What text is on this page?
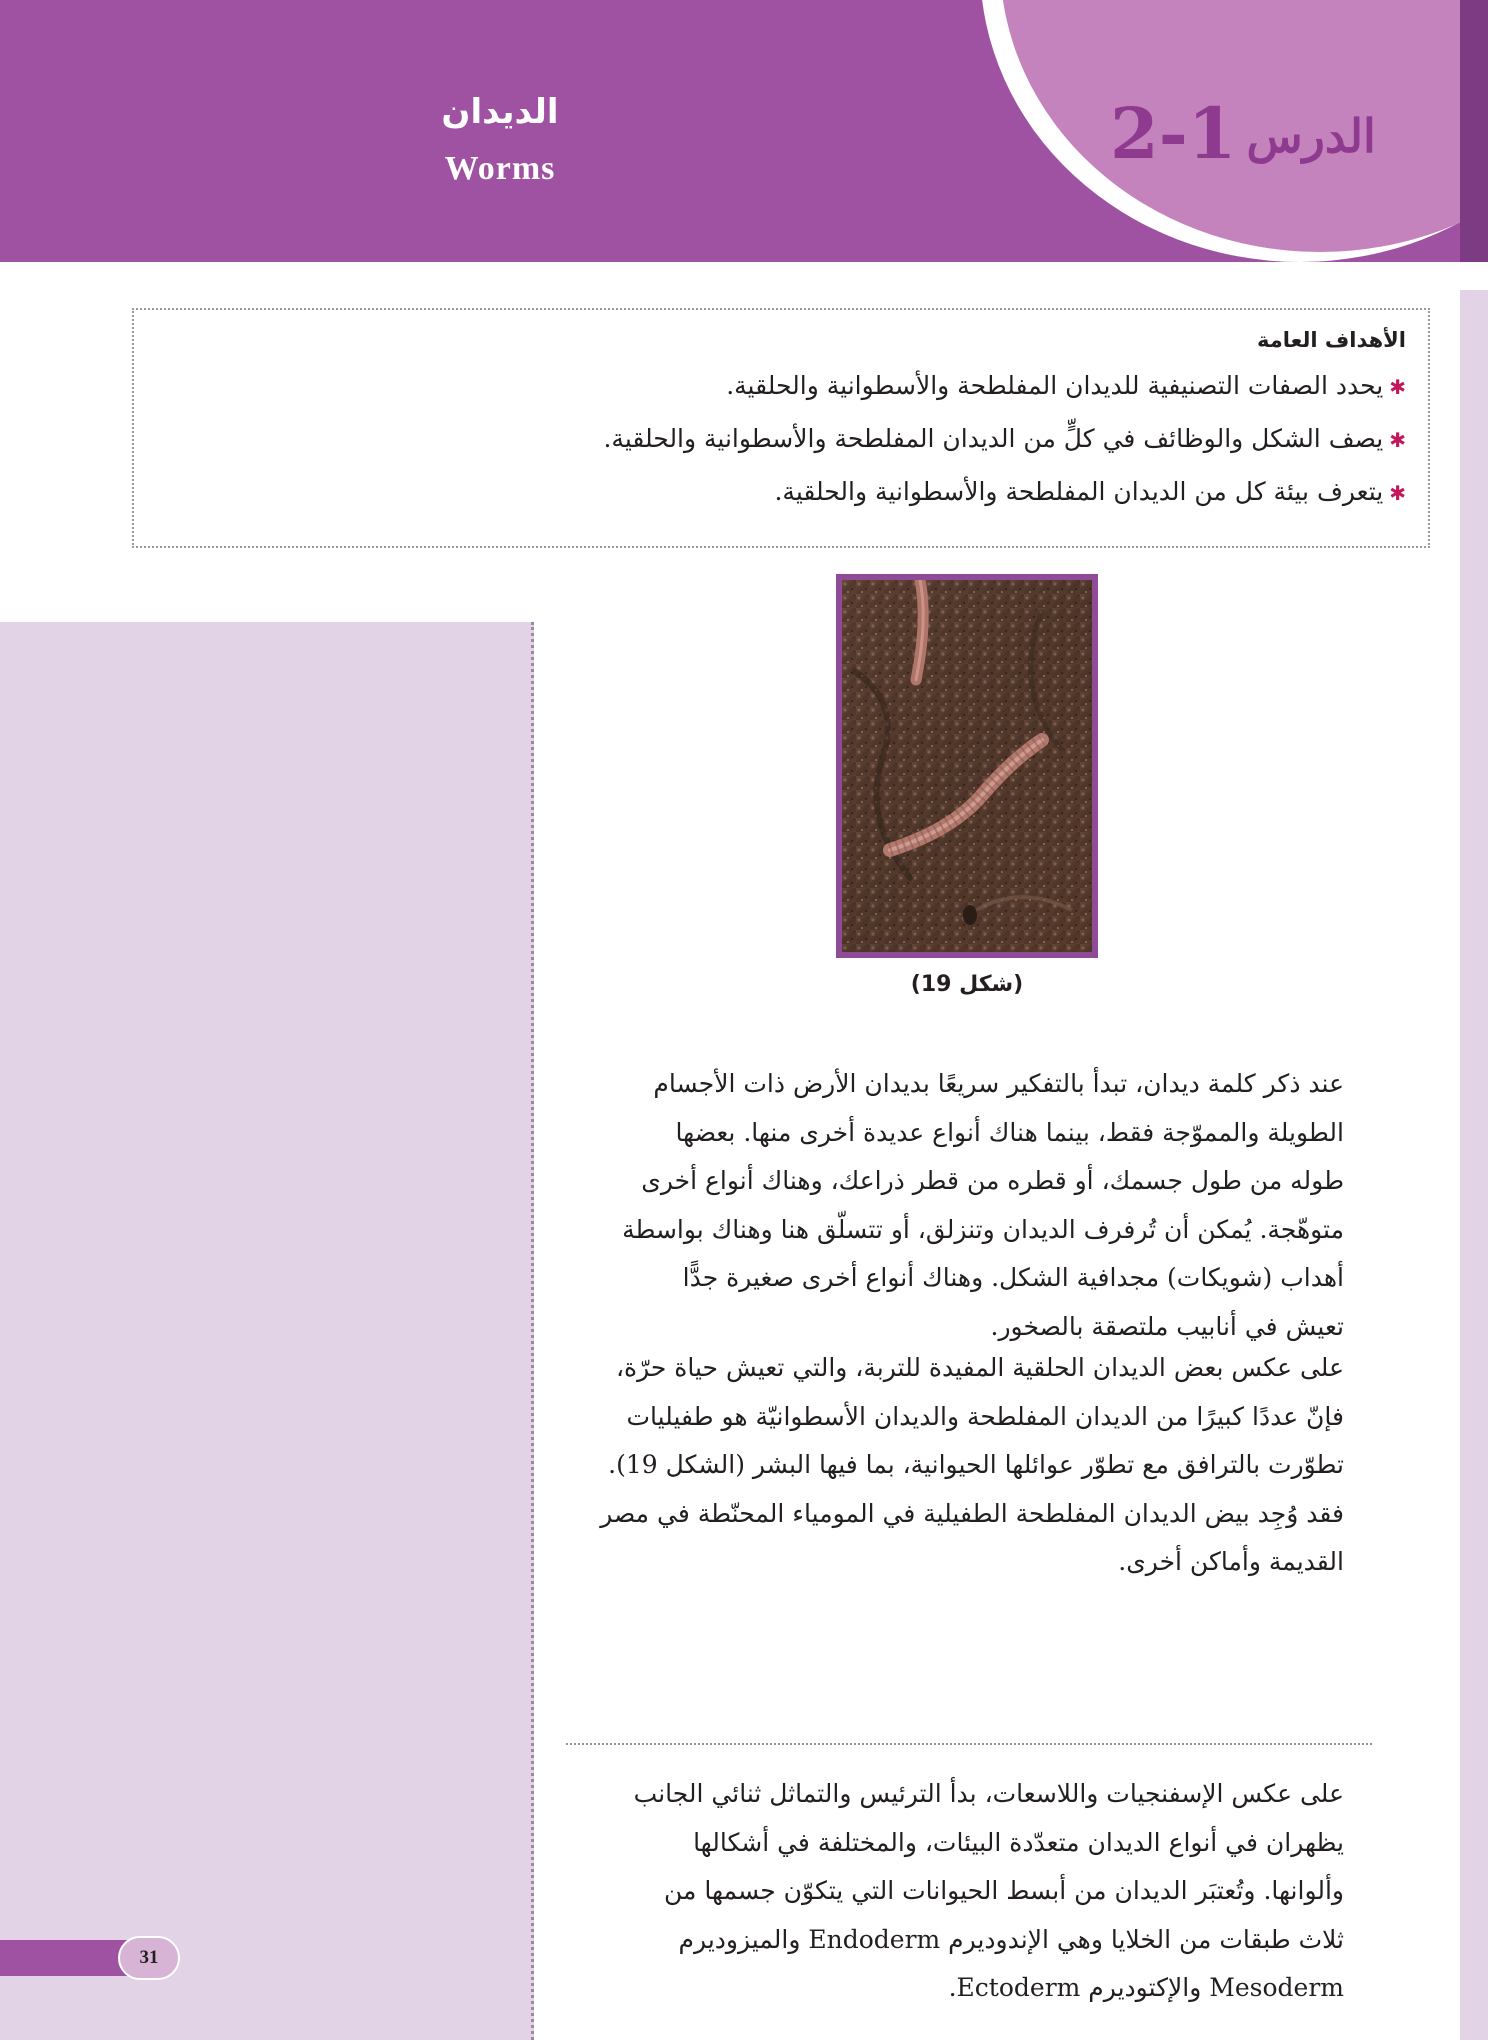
الدرس2-1
الديدان
Worms
الأهداف العامة
✱يحدد الصفات التصنيفية للديدان المفلطحة والأسطوانية والحلقية.
✱يصف الشكل والوظائف في كلٍّ من الديدان المفلطحة والأسطوانية والحلقية.
✱يتعرف بيئة كل من الديدان المفلطحة والأسطوانية والحلقية.
31
(شكل 19)
عند ذكر كلمة ديدان، تبدأ بالتفكير سريعًا بديدان الأرض ذات الأجسام
الطويلة والمموّجة فقط، بينما هناك أنواع عديدة أخرى منها. بعضها
طوله من طول جسمك، أو قطره من قطر ذراعك، وهناك أنواع أخرى
متوهّجة. يُمكن أن تُرفرف الديدان وتنزلق، أو تتسلّق هنا وهناك بواسطة
أهداب (شويكات) مجدافية الشكل. وهناك أنواع أخرى صغيرة جدًّا
تعيش في أنابيب ملتصقة بالصخور.
على عكس بعض الديدان الحلقية المفيدة للتربة، والتي تعيش حياة حرّة،
فإنّ عددًا كبيرًا من الديدان المفلطحة والديدان الأسطوانيّة هو طفيليات
تطوّرت بالترافق مع تطوّر عوائلها الحيوانية، بما فيها البشر (الشكل 19).
فقد وُجِد بيض الديدان المفلطحة الطفيلية في المومياء المحنّطة في مصر
القديمة وأماكن أخرى.
على عكس الإسفنجيات واللاسعات، بدأ الترئيس والتماثل ثنائي الجانب
يظهران في أنواع الديدان متعدّدة البيئات، والمختلفة في أشكالها
وألوانها. وتُعتبَر الديدان من أبسط الحيوانات التي يتكوّن جسمها من
ثلاث طبقات من الخلايا وهي الإندوديرم Endoderm والميزوديرم
Mesoderm والإكتوديرم Ectoderm.
